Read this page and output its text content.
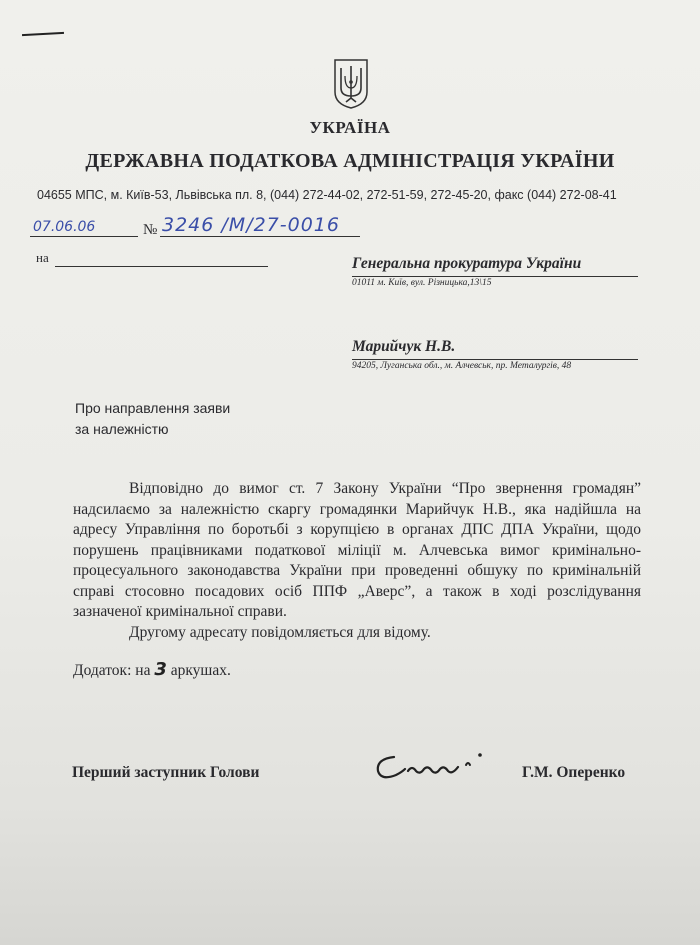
УКРАЇНА
ДЕРЖАВНА ПОДАТКОВА АДМІНІСТРАЦІЯ УКРАЇНИ
04655 МПС, м. Київ-53, Львівська пл. 8, (044) 272-44-02, 272-51-59, 272-45-20, факс (044) 272-08-41
07.06.06	№ 3246 /М/27-0016
на	Генеральна прокуратура України
01011 м. Київ, вул. Різницька,13\15
Марийчук Н.В.
94205, Луганська обл., м. Алчевськ, пр. Металургів, 48
Про направлення заяви
за належністю

Відповідно до вимог ст. 7 Закону України “Про звернення громадян” надсилаємо за належністю скаргу громадянки Марийчук Н.В., яка надійшла на адресу Управління по боротьбі з корупцією в органах ДПС ДПА України, щодо порушень працівниками податкової міліції м. Алчевська вимог кримінально-процесуального законодавства України при проведенні обшуку по кримінальній справі стосовно посадових осіб ППФ „Аверс”, а також в ході розслідування зазначеної кримінальної справи.

Другому адресату повідомляється для відому.

Додаток: на 3 аркушах.
Перший заступник Голови	Г.М. Оперенко
